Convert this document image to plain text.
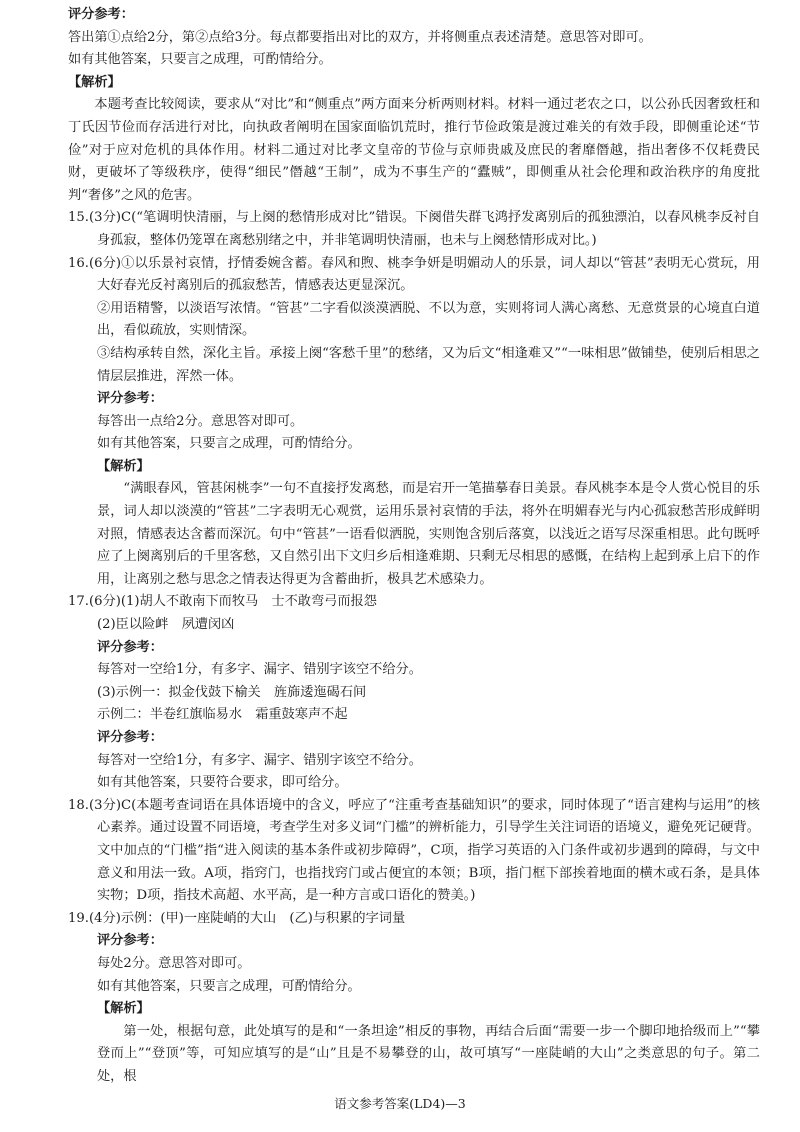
评分参考：
答出第①点给2分，第②点给3分。每点都要指出对比的双方，并将侧重点表述清楚。意思答对即可。
如有其他答案，只要言之成理，可酌情给分。
【解析】

本题考查比较阅读，要求从“对比”和“侧重点”两方面来分析两则材料。材料一通过老农之口，以公孙氏因奢致枉和丁氏因节俭而存活进行对比，向执政者阐明在国家面临饥荒时，推行节俭政策是渡过难关的有效手段，即侧重论述“节俭”对于应对危机的具体作用。材料二通过对比孝文皇帝的节俭与京师贵戚及庶民的奢靡僭越，指出奢侈不仅耗费民财，更破坏了等级秩序，使得“细民”僭越“王制”，成为不事生产的“蠹贼”，即侧重从社会伦理和政治秩序的角度批判“奢侈”之风的危害。

15.(3分)C(“笔调明快清丽，与上阕的愁情形成对比”错误。下阕借失群飞鸿抒发离别后的孤独漂泊，以春风桃李反衬自身孤寂，整体仍笼罩在离愁别绪之中，并非笔调明快清丽，也未与上阕愁情形成对比。)

16.(6分)①以乐景衬哀情，抒情委婉含蓄。春风和煦、桃李争妍是明媚动人的乐景，词人却以“管甚”表明无心赏玩，用大好春光反衬离别后的孤寂愁苦，情感表达更显深沉。

②用语精警，以淡语写浓情。“管甚”二字看似淡漠洒脱、不以为意，实则将词人满心离愁、无意赏景的心境直白道出，看似疏放，实则情深。

③结构承转自然，深化主旨。承接上阕“客愁千里”的愁绪，又为后文“相逢难又”“一味相思”做铺垫，使别后相思之情层层推进，浑然一体。

评分参考：
每答出一点给2分。意思答对即可。
如有其他答案，只要言之成理，可酌情给分。
【解析】

“满眼春风，管甚闲桃李”一句不直接抒发离愁，而是宕开一笔描摹春日美景。春风桃李本是令人赏心悦目的乐景，词人却以淡漠的“管甚”二字表明无心观赏，运用乐景衬哀情的手法，将外在明媚春光与内心孤寂愁苦形成鲜明对照，情感表达含蓄而深沉。句中“管甚”一语看似洒脱，实则饱含别后落寞，以浅近之语写尽深重相思。此句既呼应了上阕离别后的千里客愁，又自然引出下文归乡后相逢难期、只剩无尽相思的感慨，在结构上起到承上启下的作用，让离别之愁与思念之情表达得更为含蓄曲折，极具艺术感染力。

17.(6分)(1)胡人不敢南下而牧马　士不敢弯弓而报怨
(2)臣以险衅　夙遭闵凶
评分参考：
每答对一空给1分，有多字、漏字、错别字该空不给分。
(3)示例一：拟金伐鼓下榆关　旌旆逶迤碣石间
示例二：半卷红旗临易水　霜重鼓寒声不起
评分参考：
每答对一空给1分，有多字、漏字、错别字该空不给分。
如有其他答案，只要符合要求，即可给分。

18.(3分)C(本题考查词语在具体语境中的含义，呼应了“注重考查基础知识”的要求，同时体现了“语言建构与运用”的核心素养。通过设置不同语境，考查学生对多义词“门槛”的辨析能力，引导学生关注词语的语境义，避免死记硬背。文中加点的“门槛”指“进入阅读的基本条件或初步障碍”，C项，指学习英语的入门条件或初步遇到的障碍，与文中意义和用法一致。A项，指窍门，也指找窍门或占便宜的本领；B项，指门框下部挨着地面的横木或石条，是具体实物；D项，指技术高超、水平高，是一种方言或口语化的赞美。)

19.(4分)示例：(甲)一座陡峭的大山　(乙)与积累的字词量
评分参考：
每处2分。意思答对即可。
如有其他答案，只要言之成理，可酌情给分。
【解析】

第一处，根据句意，此处填写的是和“一条坦途”相反的事物，再结合后面“需要一步一个脚印地拾级而上”“攀登而上”“登顶”等，可知应填写的是“山”且是不易攀登的山，故可填写“一座陡峭的大山”之类意思的句子。第二处，根

语文参考答案(LD4)—3
